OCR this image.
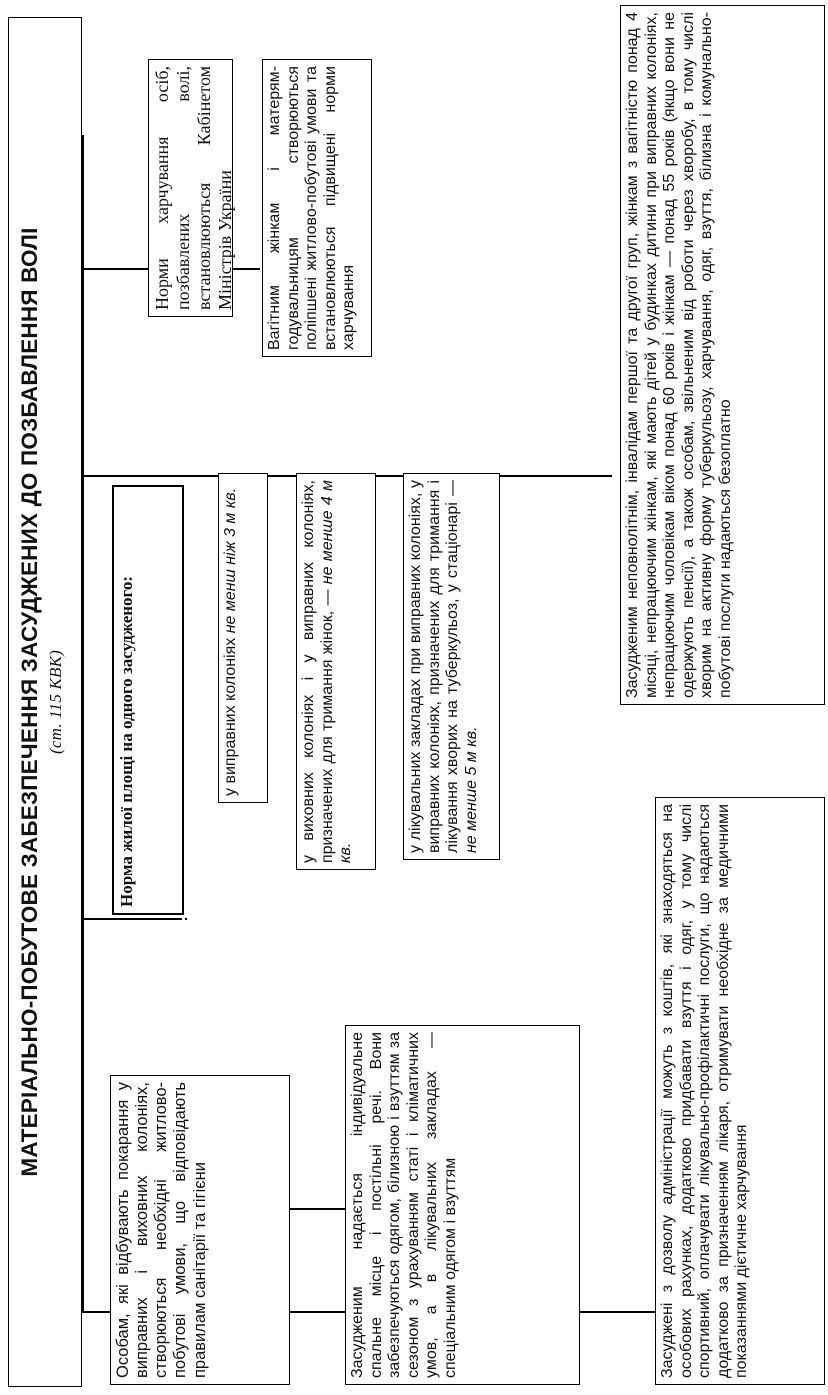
МАТЕРІАЛЬНО-ПОБУТОВЕ ЗАБЕЗПЕЧЕННЯ ЗАСУДЖЕНИХ ДО ПОЗБАВЛЕННЯ ВОЛІ (ст. 115 КВК)

Особам, які відбувають покарання у виправних і виховних колоніях, створюються необхідні житлово-побутові умови, що відповідають правилам санітарії та гігієни	Засудженим надається індивідуальне спальне місце і постільні речі. Вони забезпечуються одягом, білизною і взуттям за сезоном з урахуванням статі і кліматичних умов, а в лікувальних закладах — спеціальним одягом і взуттям	Засуджені з дозволу адміністрації можуть з коштів, які знаходяться на особових рахунках, додатково придбавати взуття і одяг, у тому числі спортивний, оплачувати лікувально-профілактичні послуги, що надаються додатково за призначенням лікаря, отримувати необхідне за медичними показаннями дієтичне харчування

Норма жилої площі на одного засудженого:	у виправних колоніях не менш ніж 3 м кв.	у виховних колоніях і у виправних колоніях, призначених для тримання жінок, — не менше 4 м кв.	у лікувальних закладах при виправних колоніях, у виправних колоніях, призначених для тримання і лікування хворих на туберкульоз, у стаціонарі — не менше 5 м кв.

Норми харчування осіб, позбавлених волі, встановлюються Кабінетом Міністрів України Вагітним жінкам і матерям-годувальницям створюються поліпшені житлово-побутові умови та встановлюються підвищені норми харчування	Засудженим неповнолітнім, інвалідам першої та другої груп, жінкам з вагітністю понад 4 місяці, непрацюючим жінкам, які мають дітей у будинках дитини при виправних колоніях, непрацюючим чоловікам віком понад 60 років і жінкам — понад 55 років (якщо вони не одержують пенсії), а також особам, звільненим від роботи через хворобу, в тому числі хворим на активну форму туберкульозу, харчування, одяг, взуття, білизна і комунально-побутові послуги надаються безоплатно
